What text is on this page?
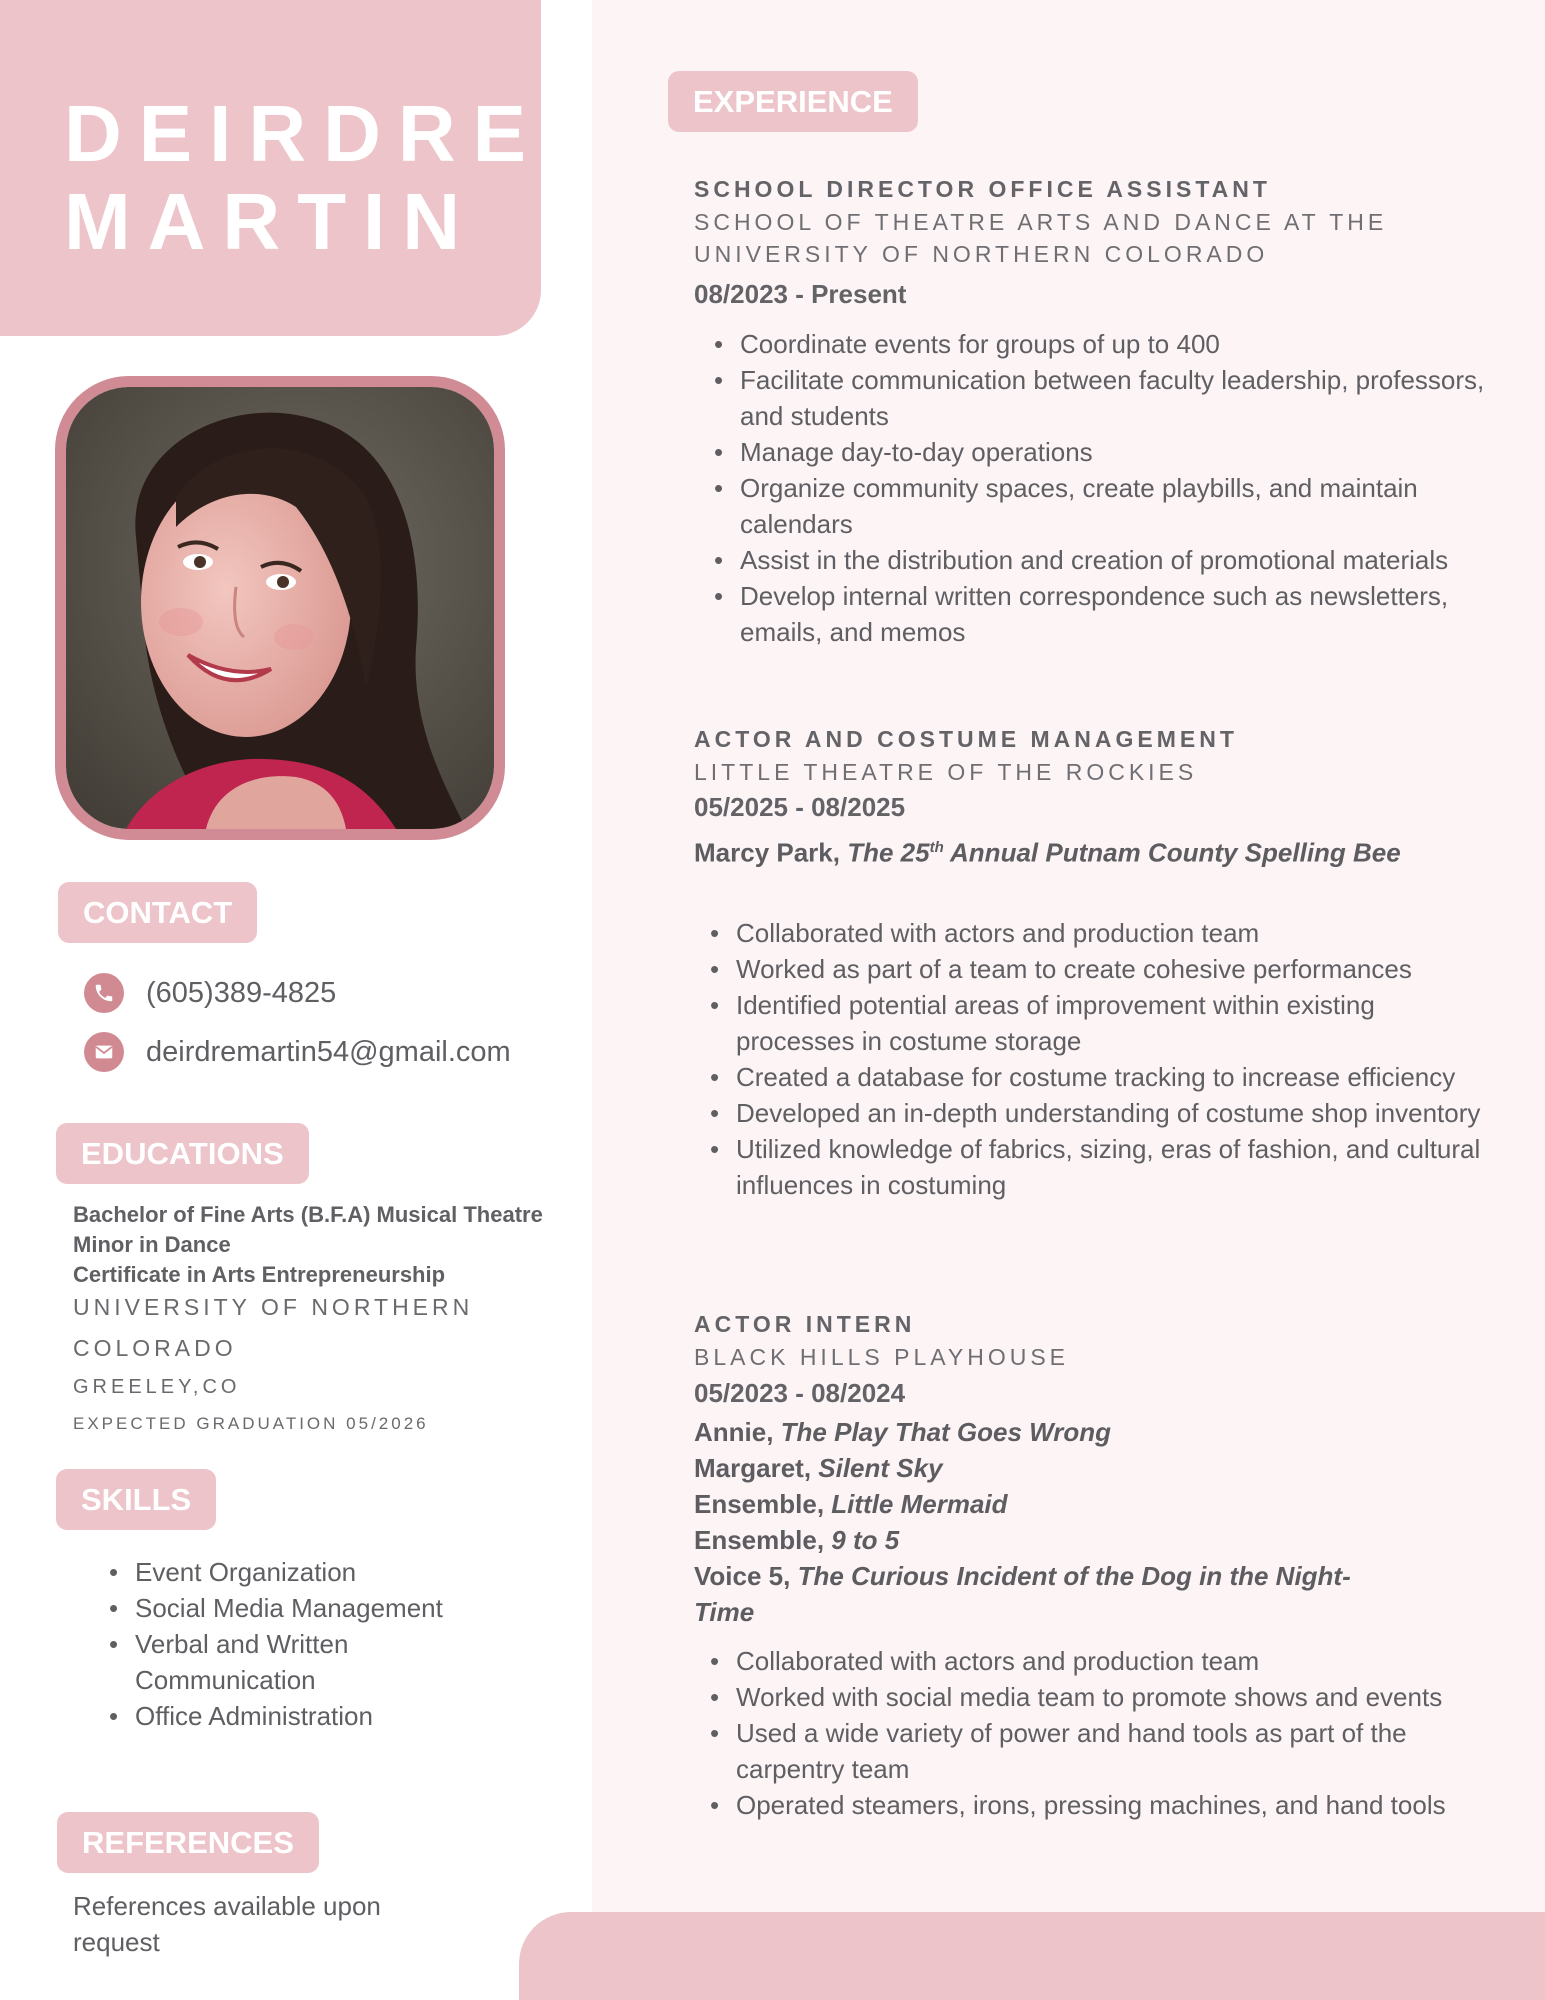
DEIRDRE
MARTIN
CONTACT
(605)389-4825
deirdremartin54@gmail.com
EDUCATIONS
Bachelor of Fine Arts (B.F.A) Musical Theatre
Minor in Dance
Certificate in Arts Entrepreneurship
UNIVERSITY OF NORTHERN
COLORADO
GREELEY,CO
EXPECTED GRADUATION 05/2026
SKILLS
• Event Organization
• Social Media Management
• Verbal and Written Communication
• Office Administration
REFERENCES
References available upon request
EXPERIENCE
SCHOOL DIRECTOR OFFICE ASSISTANT
SCHOOL OF THEATRE ARTS AND DANCE AT THE UNIVERSITY OF NORTHERN COLORADO
08/2023 - Present
• Coordinate events for groups of up to 400
• Facilitate communication between faculty leadership, professors, and students
• Manage day-to-day operations
• Organize community spaces, create playbills, and maintain calendars
• Assist in the distribution and creation of promotional materials
• Develop internal written correspondence such as newsletters, emails, and memos
ACTOR AND COSTUME MANAGEMENT
LITTLE THEATRE OF THE ROCKIES
05/2025 - 08/2025
Marcy Park, The 25th Annual Putnam County Spelling Bee
• Collaborated with actors and production team
• Worked as part of a team to create cohesive performances
• Identified potential areas of improvement within existing processes in costume storage
• Created a database for costume tracking to increase efficiency
• Developed an in-depth understanding of costume shop inventory
• Utilized knowledge of fabrics, sizing, eras of fashion, and cultural influences in costuming
ACTOR INTERN
BLACK HILLS PLAYHOUSE
05/2023 - 08/2024
Annie, The Play That Goes Wrong
Margaret, Silent Sky
Ensemble, Little Mermaid
Ensemble, 9 to 5
Voice 5, The Curious Incident of the Dog in the Night-Time
• Collaborated with actors and production team
• Worked with social media team to promote shows and events
• Used a wide variety of power and hand tools as part of the carpentry team
• Operated steamers, irons, pressing machines, and hand tools
